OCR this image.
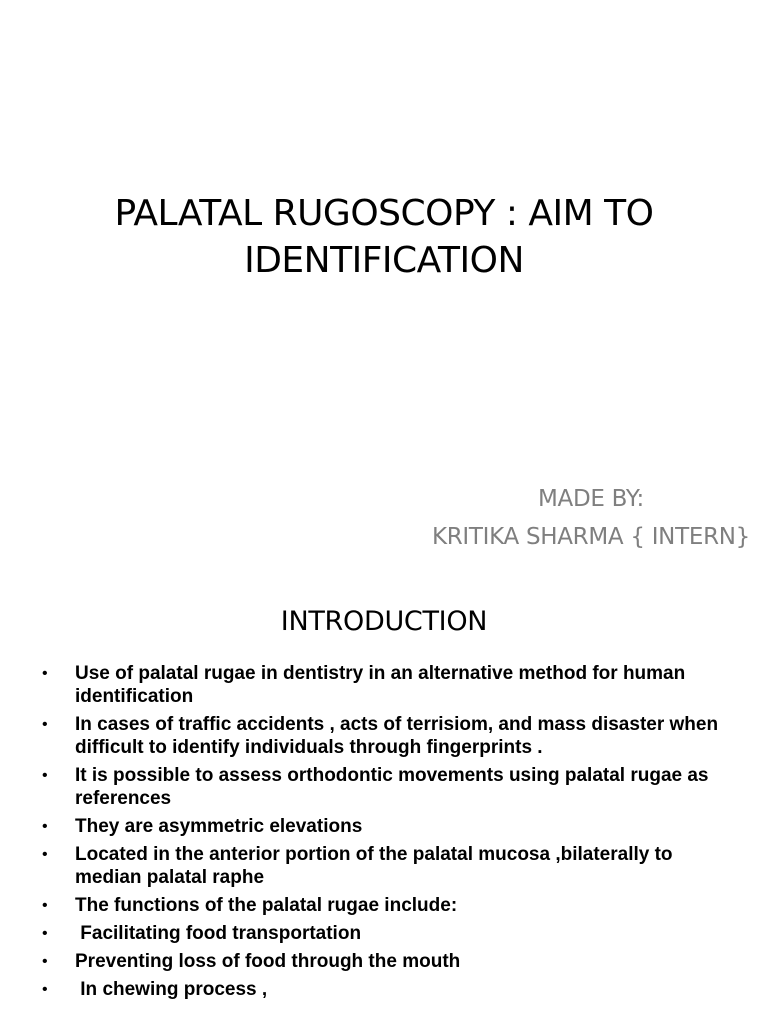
PALATAL RUGOSCOPY : AIM TO
IDENTIFICATION
MADE BY:
KRITIKA SHARMA { INTERN}
INTRODUCTION
• Use of palatal rugae in dentistry in an alternative method for human identification
• In cases of traffic accidents , acts of terrisiom, and mass disaster when difficult to identify individuals through fingerprints .
• It is possible to assess orthodontic movements using palatal rugae as references
• They are asymmetric elevations
• Located in the anterior portion of the palatal mucosa ,bilaterally to median palatal raphe
• The functions of the palatal rugae include:
• Facilitating food transportation
• Preventing loss of food through the mouth
• In chewing process ,
